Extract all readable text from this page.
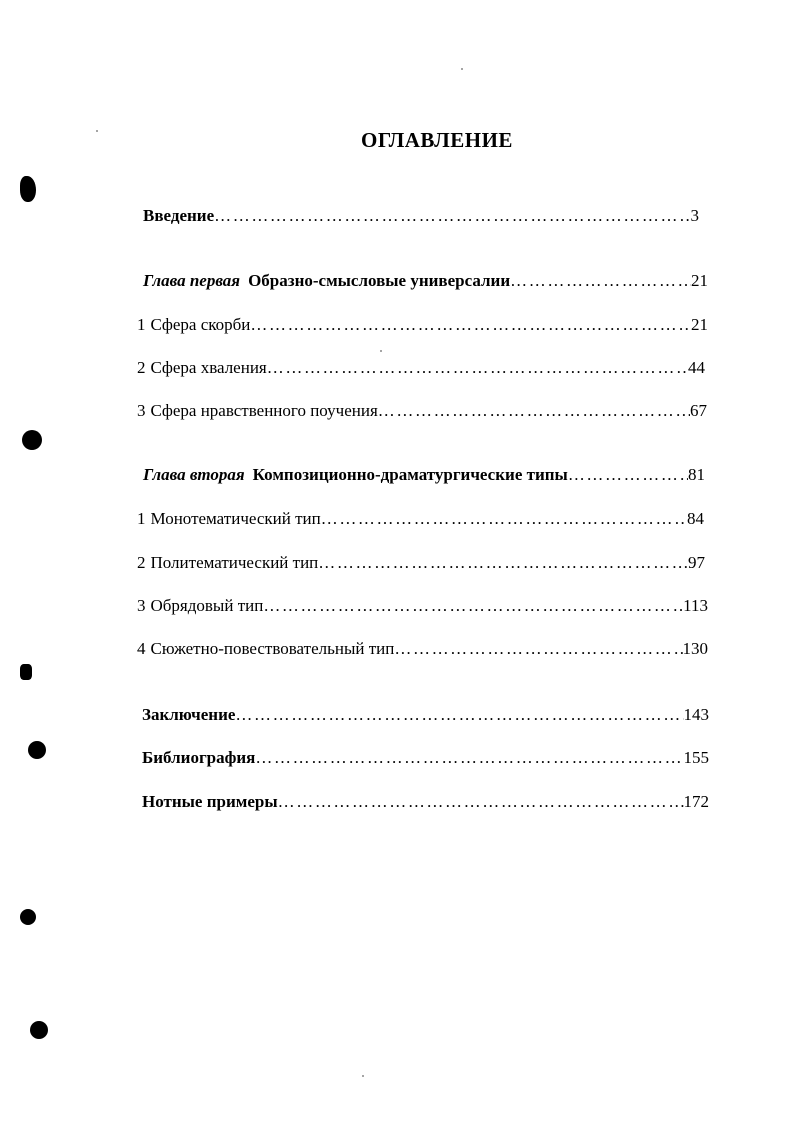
ОГЛАВЛЕНИЕ
Введение ………………………………………………………………………………………………………………………………………………………………………	3
Глава первая Образно-смысловые универсалии ………………………………………………………………………………………………………………………………………………………………………	21
1 Сфера скорби ………………………………………………………………………………………………………………………………………………………………………	21
2 Сфера хваления ………………………………………………………………………………………………………………………………………………………………………	44
3 Сфера нравственного поучения ………………………………………………………………………………………………………………………………………………………………………	67
Глава вторая Композиционно-драматургические типы ………………………………………………………………………………………………………………………………………………………………………	81
1 Монотематический тип ………………………………………………………………………………………………………………………………………………………………………	84
2 Политематический тип ………………………………………………………………………………………………………………………………………………………………………	97
3 Обрядовый тип ………………………………………………………………………………………………………………………………………………………………………	113
4 Сюжетно-повествовательный тип ………………………………………………………………………………………………………………………………………………………………………	130
Заключение ………………………………………………………………………………………………………………………………………………………………………	143
Библиография ………………………………………………………………………………………………………………………………………………………………………	155
Нотные примеры ………………………………………………………………………………………………………………………………………………………………………	172
